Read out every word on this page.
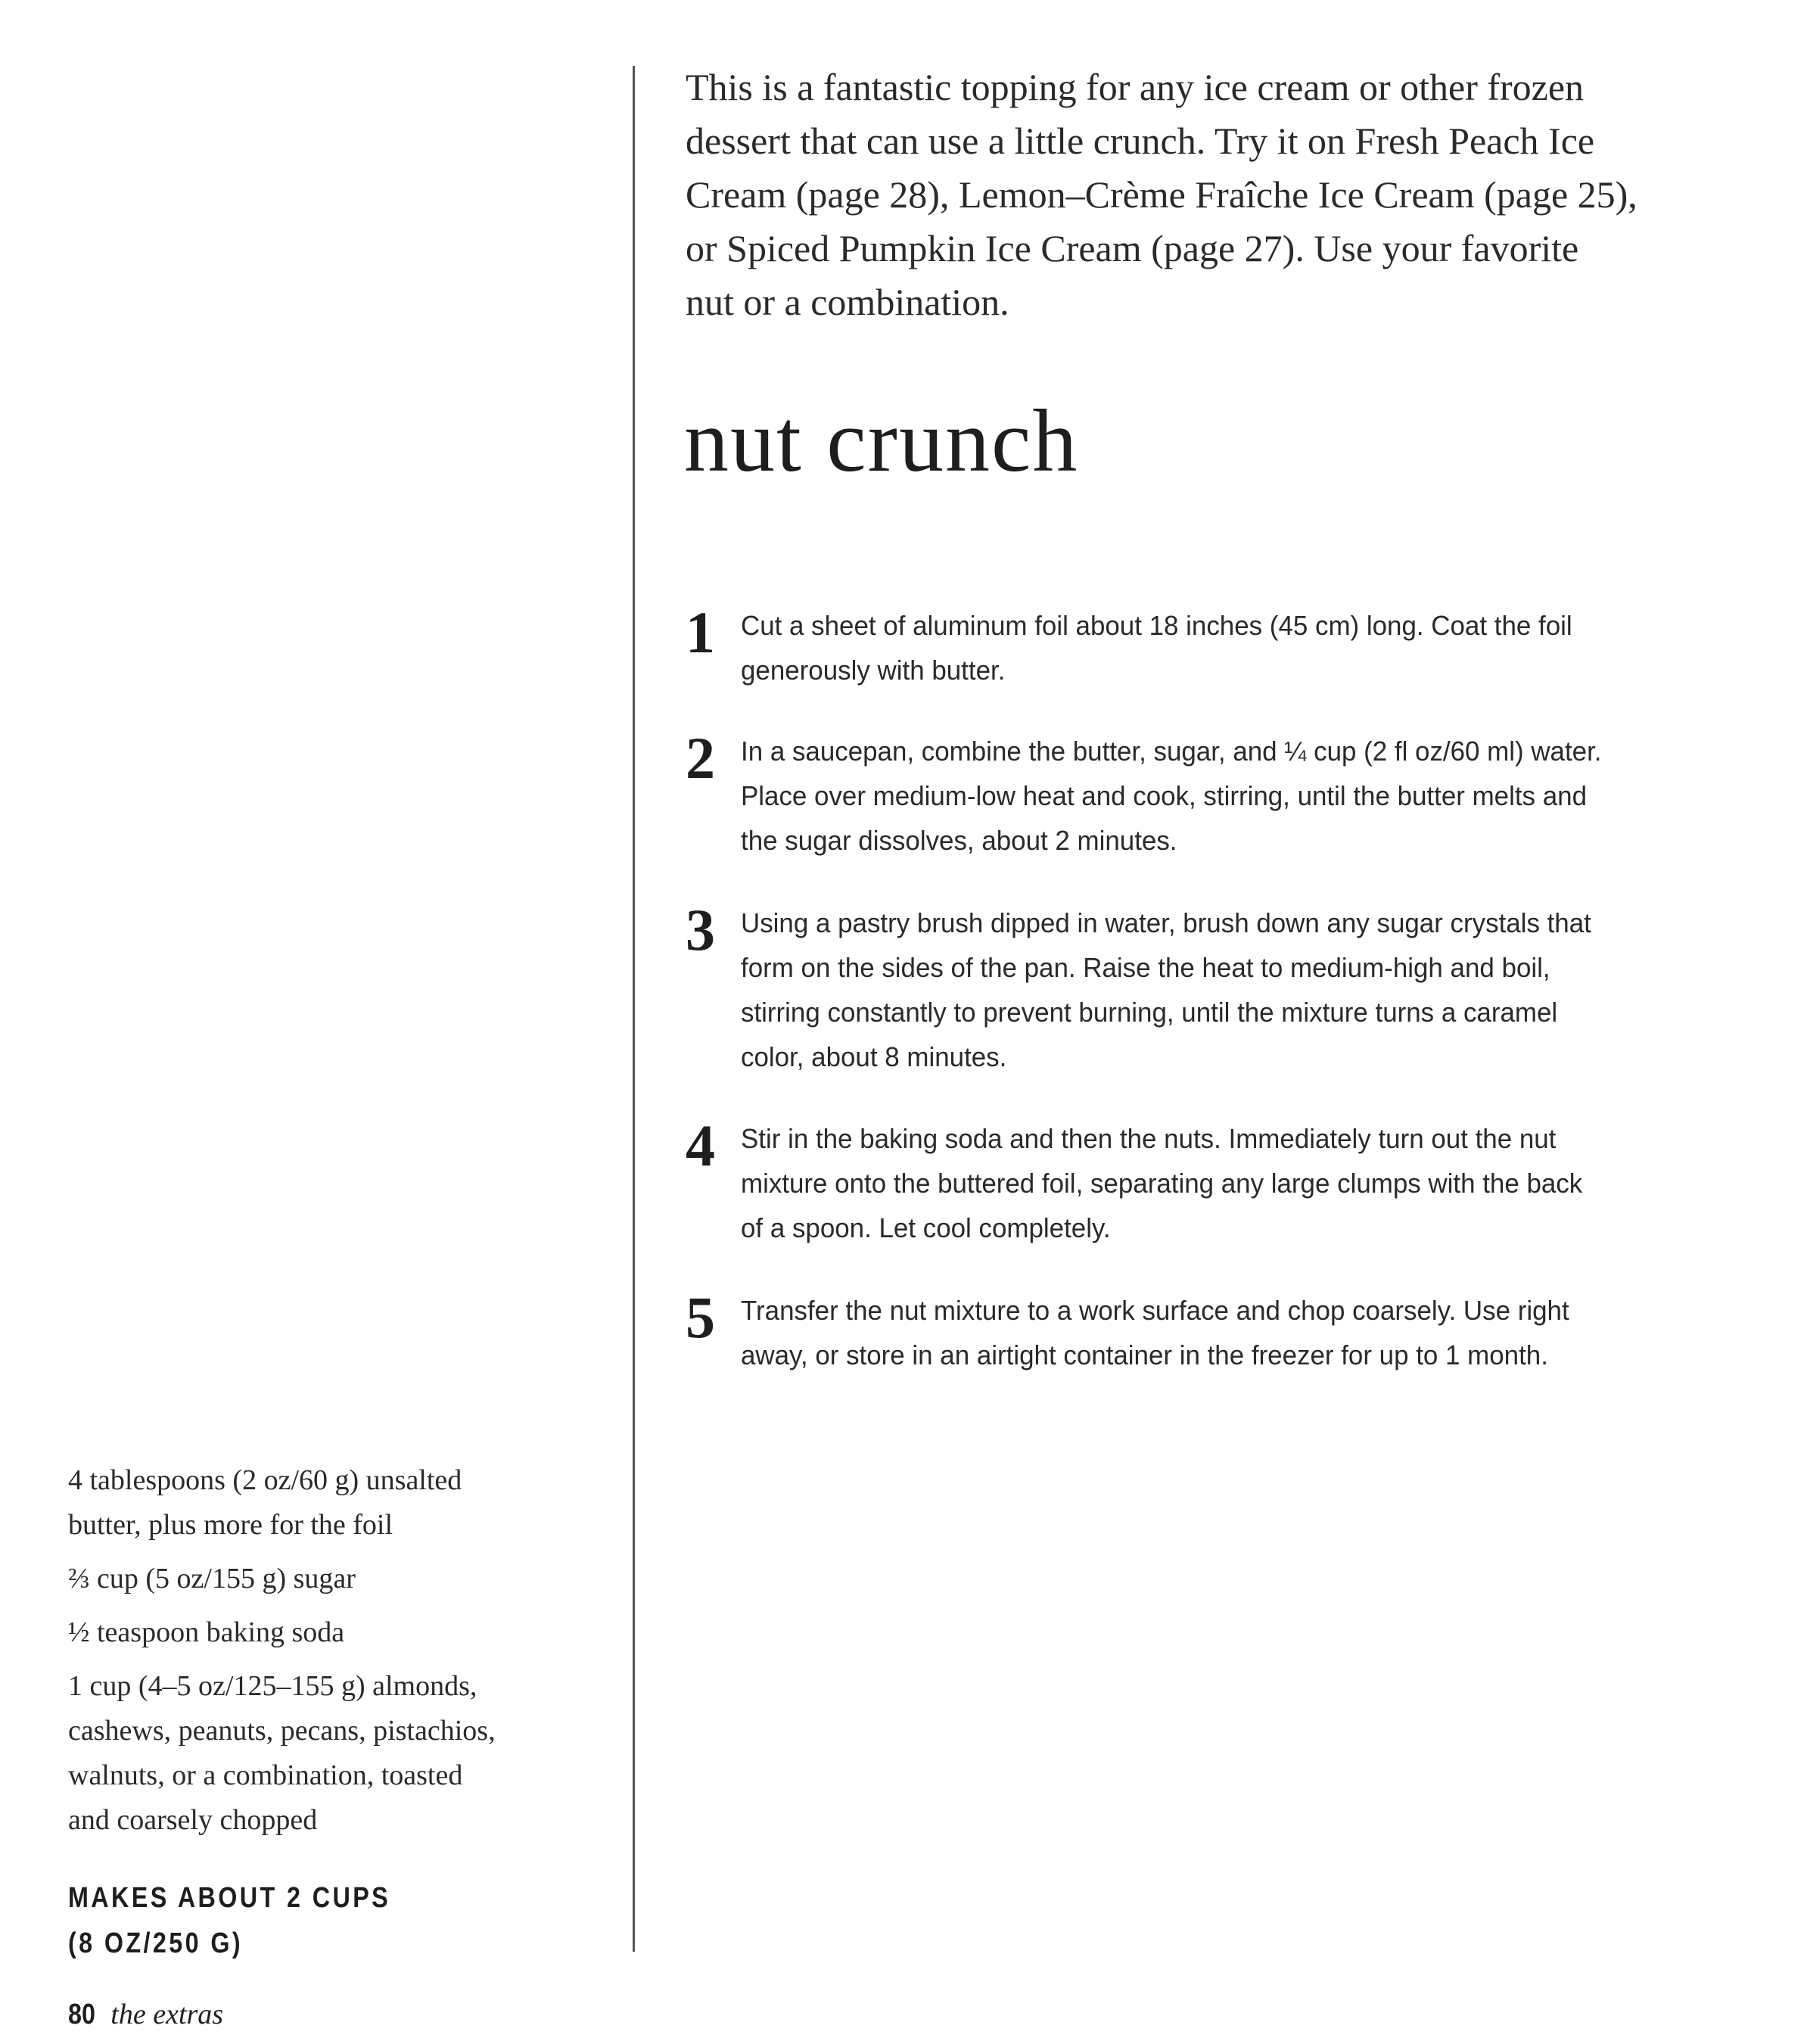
This is a fantastic topping for any ice cream or other frozen
dessert that can use a little crunch. Try it on Fresh Peach Ice
Cream (page 28), Lemon–Crème Fraîche Ice Cream (page 25),
or Spiced Pumpkin Ice Cream (page 27). Use your favorite
nut or a combination.
nut crunch
1 Cut a sheet of aluminum foil about 18 inches (45 cm) long. Coat the foil
generously with butter.
2 In a saucepan, combine the butter, sugar, and ¼ cup (2 fl oz/60 ml) water.
Place over medium-low heat and cook, stirring, until the butter melts and
the sugar dissolves, about 2 minutes.
3 Using a pastry brush dipped in water, brush down any sugar crystals that
form on the sides of the pan. Raise the heat to medium-high and boil,
stirring constantly to prevent burning, until the mixture turns a caramel
color, about 8 minutes.
4 Stir in the baking soda and then the nuts. Immediately turn out the nut
mixture onto the buttered foil, separating any large clumps with the back
of a spoon. Let cool completely.
5 Transfer the nut mixture to a work surface and chop coarsely. Use right
away, or store in an airtight container in the freezer for up to 1 month.
4 tablespoons (2 oz/60 g) unsalted
butter, plus more for the foil
⅔ cup (5 oz/155 g) sugar
½ teaspoon baking soda
1 cup (4–5 oz/125–155 g) almonds,
cashews, peanuts, pecans, pistachios,
walnuts, or a combination, toasted
and coarsely chopped
MAKES ABOUT 2 CUPS
(8 OZ/250 G)
80 the extras
